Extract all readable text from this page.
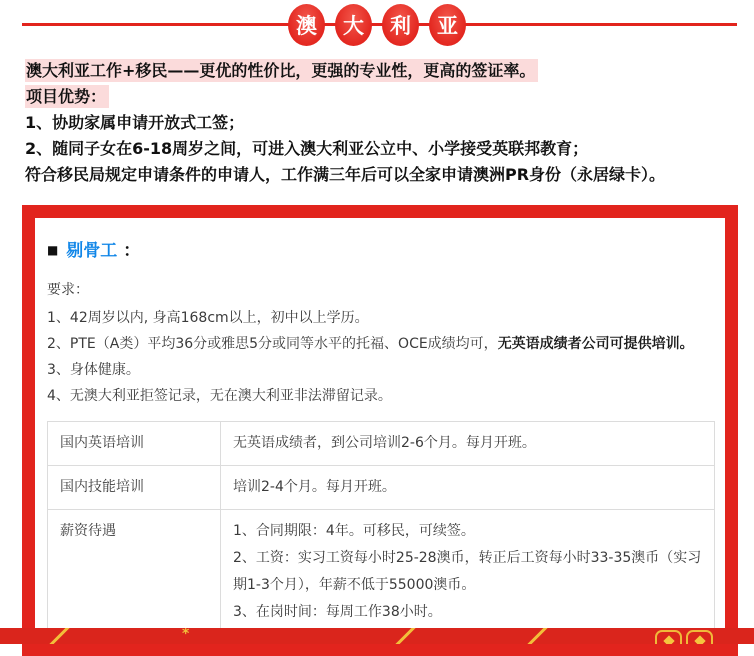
澳	大	利	亚
澳大利亚工作+移民——更优的性价比，更强的专业性，更高的签证率。
项目优势：
1、协助家属申请开放式工签；
2、随同子女在6-18周岁之间，可进入澳大利亚公立中、小学接受英联邦教育；
符合移民局规定申请条件的申请人，工作满三年后可以全家申请澳洲PR身份（永居绿卡）。
■ 剔骨工 ：
要求：
1、42周岁以内, 身高168cm以上，初中以上学历。
2、PTE（A类）平均36分或雅思5分或同等水平的托福、OCE成绩均可，无英语成绩者公司可提供培训。
3、身体健康。
4、无澳大利亚拒签记录，无在澳大利亚非法滞留记录。
国内英语培训	无英语成绩者，到公司培训2-6个月。每月开班。

国内技能培训	培训2-4个月。每月开班。

薪资待遇	1、合同期限：4年。可移民，可续签。
2、工资：实习工资每小时25-28澳币，转正后工资每小时33-35澳币（实习期1-3个月），年薪不低于55000澳币。
3、在岗时间：每周工作38小时。
*
